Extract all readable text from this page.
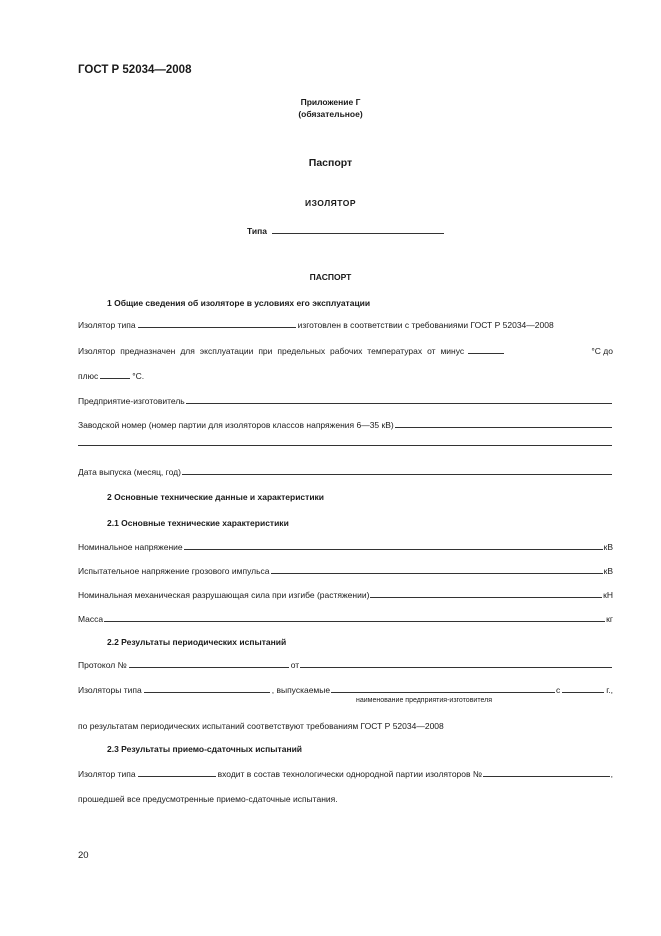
ГОСТ Р 52034—2008
Приложение Г
(обязательное)
Паспорт
ИЗОЛЯТОР
Типа
ПАСПОРТ
1 Общие сведения об изоляторе в условиях его эксплуатации
Изолятор типа	изготовлен в соответствии с требованиями ГОСТ Р 52034—2008
Изолятор предназначен для эксплуатации при предельных рабочих температурах от минус	°С до
плюс	°С.
Предприятие-изготовитель
Заводской номер (номер партии для изоляторов классов напряжения 6—35 кВ)
Дата выпуска (месяц, год)
2 Основные технические данные и характеристики
2.1 Основные технические характеристики
Номинальное напряжение	кВ
Испытательное напряжение грозового импульса	кВ
Номинальная механическая разрушающая сила при изгибе (растяжении)	кН
Масса	кг
2.2 Результаты периодических испытаний
Протокол №	от
Изоляторы типа	, выпускаемые	с	г.,
наименование предприятия-изготовителя
по результатам периодических испытаний соответствуют требованиям ГОСТ Р 52034—2008
2.3 Результаты приемо-сдаточных испытаний
Изолятор типа	входит в состав технологически однородной партии изоляторов №	,
прошедшей все предусмотренные приемо-сдаточные испытания.
20
